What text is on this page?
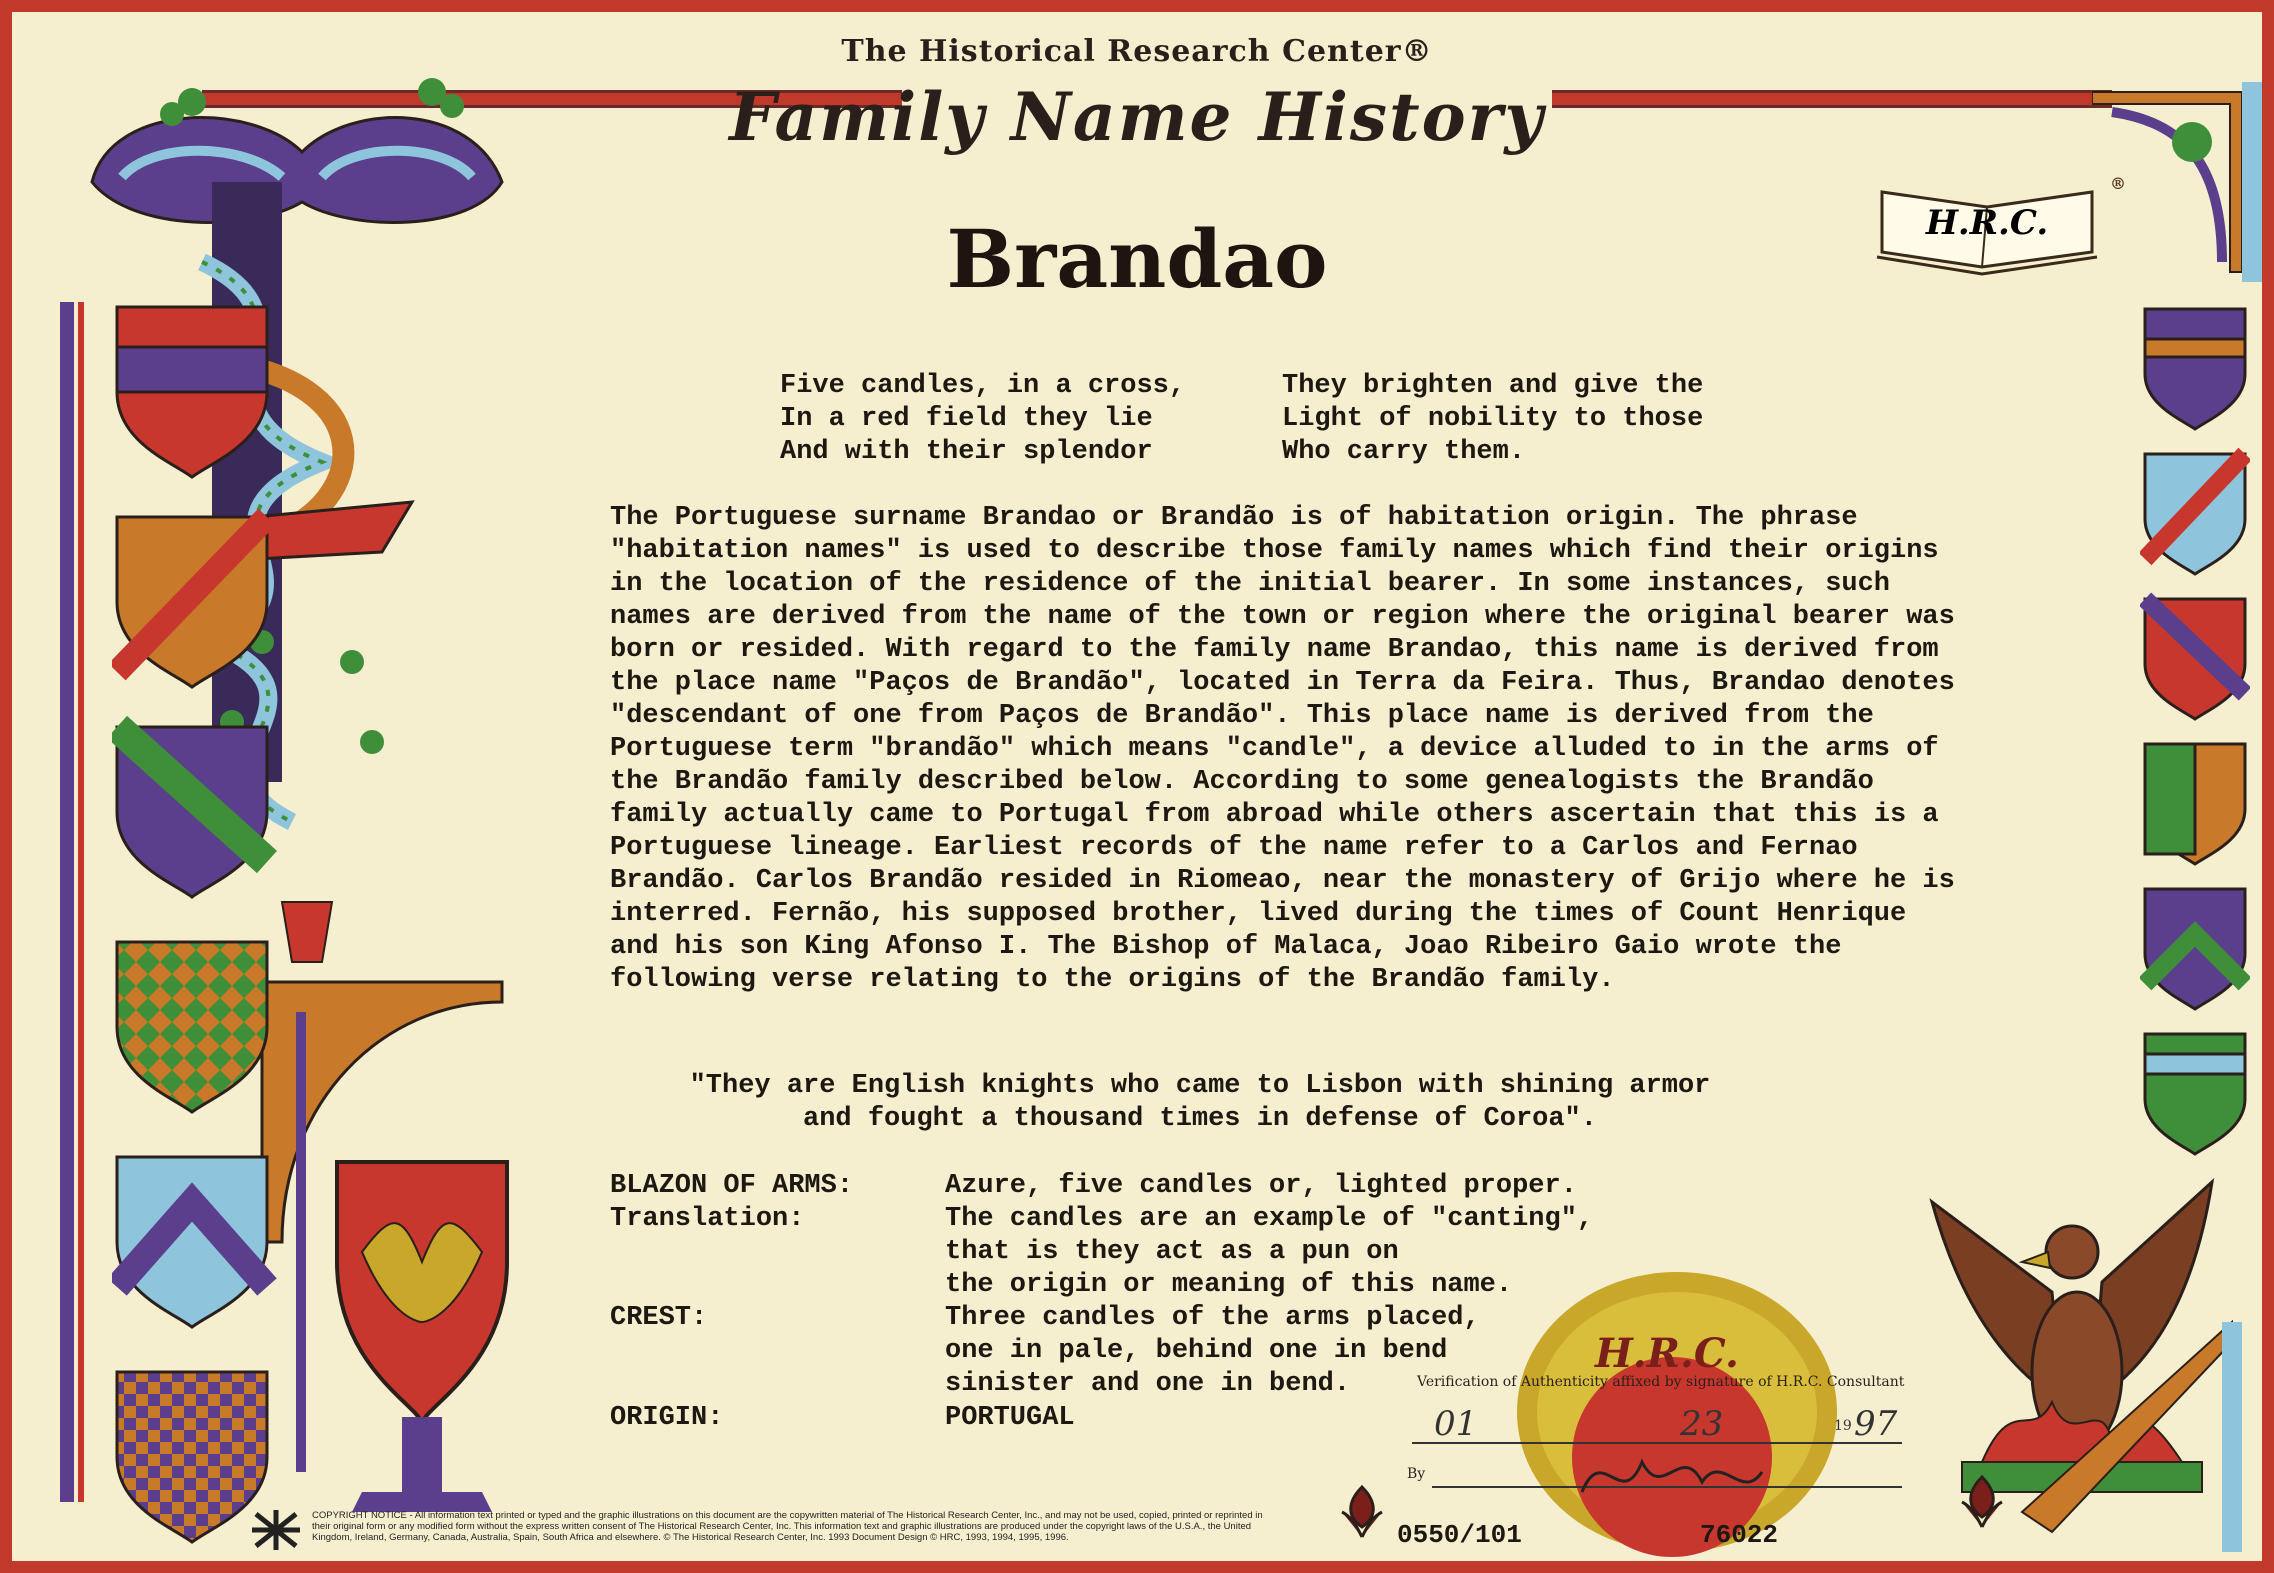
The Historical Research Center®
Family Name History
Brandao	H.R.C.
®
Five candles, in a cross,
In a red field they lie
And with their splendor
They brighten and give the
Light of nobility to those
Who carry them.
The Portuguese surname Brandao or Brandão is of habitation origin. The phrase "habitation names" is used to describe those family names which find their origins in the location of the residence of the initial bearer. In some instances, such names are derived from the name of the town or region where the original bearer was born or resided. With regard to the family name Brandao, this name is derived from the place name "Paços de Brandão", located in Terra da Feira. Thus, Brandao denotes "descendant of one from Paços de Brandão". This place name is derived from the Portuguese term "brandão" which means "candle", a device alluded to in the arms of the Brandão family described below. According to some genealogists the Brandão family actually came to Portugal from abroad while others ascertain that this is a Portuguese lineage. Earliest records of the name refer to a Carlos and Fernao Brandão. Carlos Brandão resided in Riomeao, near the monastery of Grijo where he is interred. Fernão, his supposed brother, lived during the times of Count Henrique and his son King Afonso I. The Bishop of Malaca, Joao Ribeiro Gaio wrote the following verse relating to the origins of the Brandão family.
"They are English knights who came to Lisbon with shining armor
and fought a thousand times in defense of Coroa".
BLAZON OF ARMS:	Azure, five candles or, lighted proper.
Translation:	The candles are an example of "canting",
that is they act as a pun on
the origin or meaning of this name.
CREST:	Three candles of the arms placed,
one in pale, behind one in bend
sinister and one in bend.
ORIGIN:	PORTUGAL
H.R.C.
Verification of Authenticity affixed by signature of H.R.C. Consultant
01	23	19 97
By
0550/101	76022
COPYRIGHT NOTICE - All information text printed or typed and the graphic illustrations on this document are the copywritten material of The Historical Research Center, Inc., and may not be used, copied, printed or reprinted in their original form or any modified form without the express written consent of The Historical Research Center, Inc. This information text and graphic illustrations are produced under the copyright laws of the U.S.A., the United Kingdom, Ireland, Germany, Canada, Australia, Spain, South Africa and elsewhere. © The Historical Research Center, Inc. 1993 Document Design © HRC, 1993, 1994, 1995, 1996.
